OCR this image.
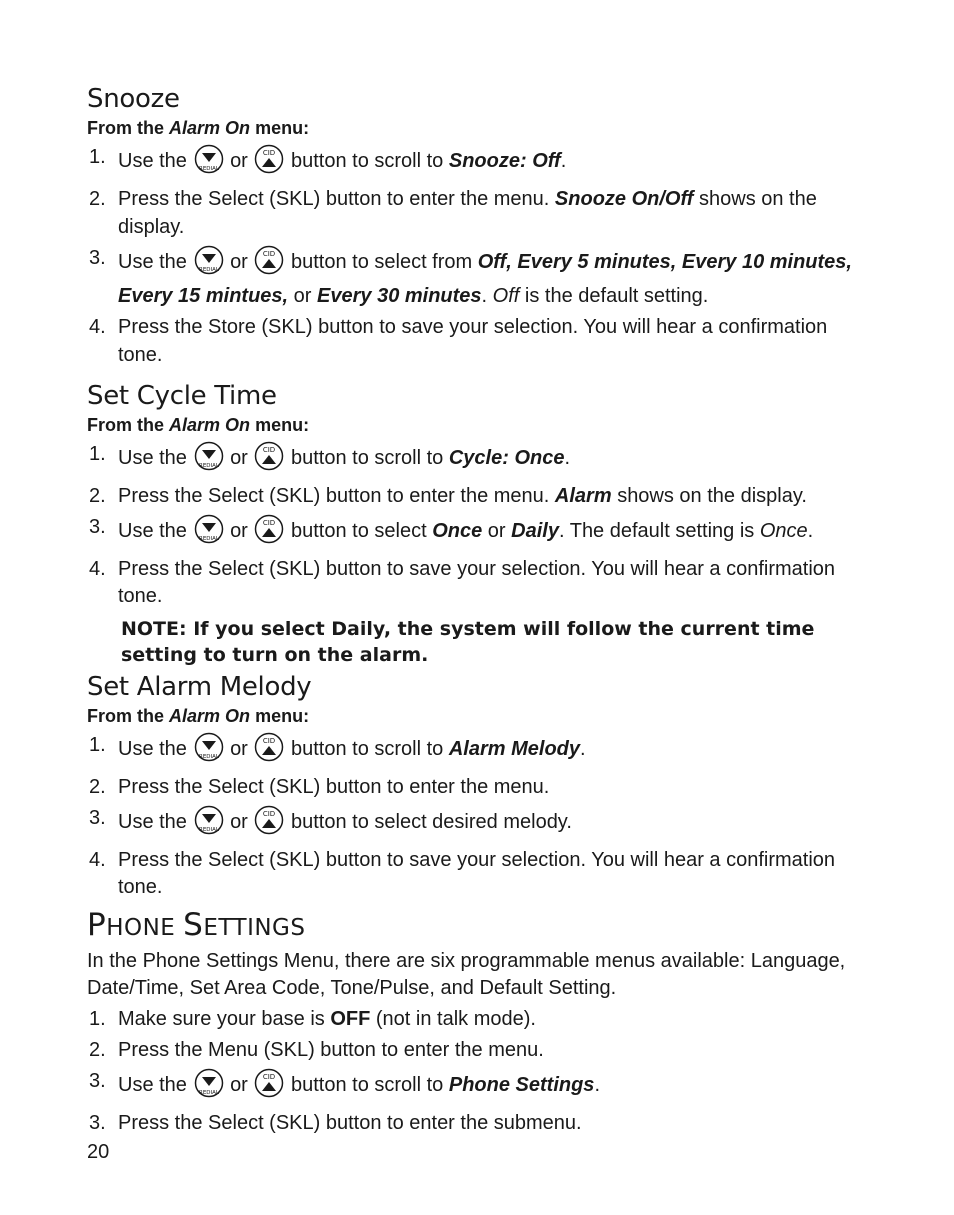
Snooze

From the Alarm On menu:

1. Use the REDIAL or CID button to scroll to Snooze: Off.
2. Press the Select (SKL) button to enter the menu. Snooze On/Off shows on the display.
3. Use the REDIAL or CID button to select from Off, Every 5 minutes, Every 10 minutes, Every 15 mintues, or Every 30 minutes. Off is the default setting.
4. Press the Store (SKL) button to save your selection. You will hear a confirmation tone.
Set Cycle Time

From the Alarm On menu:

1. Use the REDIAL or CID button to scroll to Cycle: Once.
2. Press the Select (SKL) button to enter the menu. Alarm shows on the display.
3. Use the REDIAL or CID button to select Once or Daily. The default setting is Once.
4. Press the Select (SKL) button to save your selection. You will hear a confirmation tone.

NOTE: If you select Daily, the system will follow the current time setting to turn on the alarm.

Set Alarm Melody

From the Alarm On menu:

1. Use the REDIAL or CID button to scroll to Alarm Melody.
2. Press the Select (SKL) button to enter the menu.
3. Use the REDIAL or CID button to select desired melody.
4. Press the Select (SKL) button to save your selection. You will hear a confirmation tone.
PHONE SETTINGS

In the Phone Settings Menu, there are six programmable menus available: Language, Date/Time, Set Area Code, Tone/Pulse, and Default Setting.

1. Make sure your base is OFF (not in talk mode).
2. Press the Menu (SKL) button to enter the menu.
3. Use the REDIAL or CID button to scroll to Phone Settings.
3. Press the Select (SKL) button to enter the submenu.
20
